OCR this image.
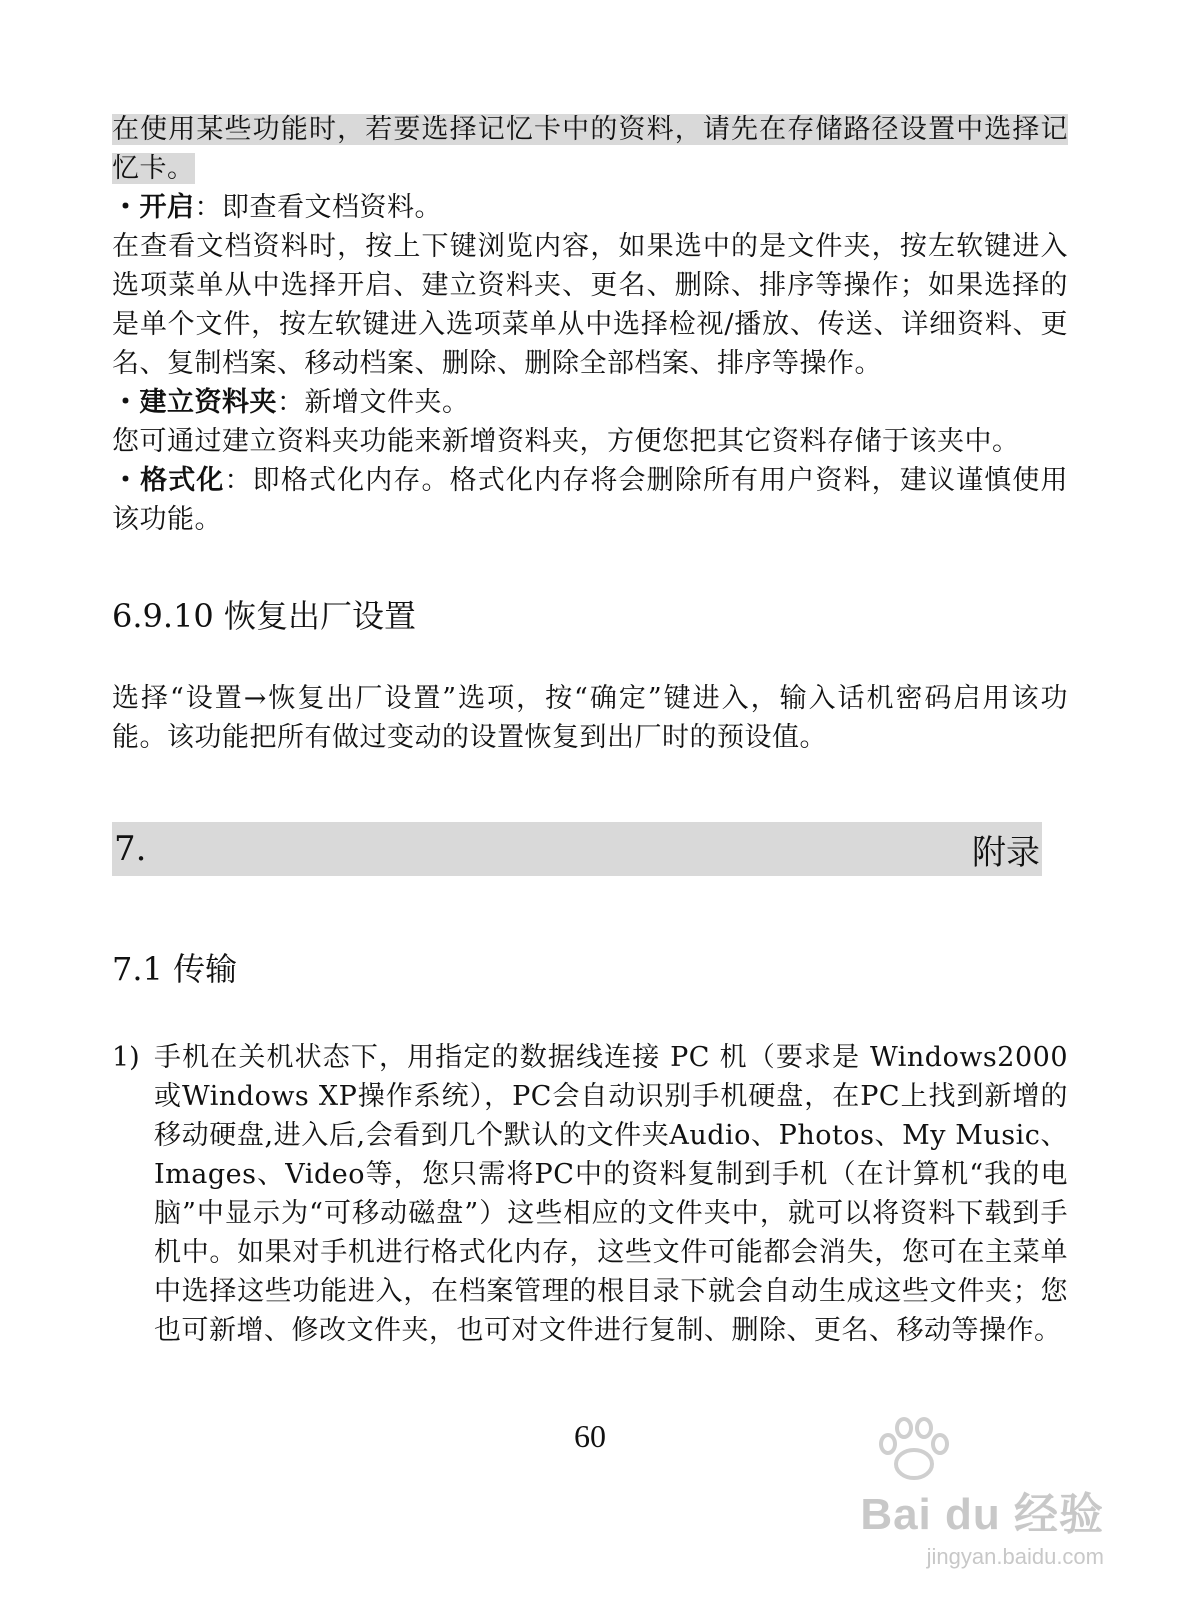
在使用某些功能时，若要选择记忆卡中的资料，请先在存储路径设置中选择记忆卡。

・开启：即查看文档资料。

在查看文档资料时，按上下键浏览内容，如果选中的是文件夹，按左软键进入选项菜单从中选择开启、建立资料夹、更名、删除、排序等操作；如果选择的是单个文件，按左软键进入选项菜单从中选择检视/播放、传送、详细资料、更名、复制档案、移动档案、删除、删除全部档案、排序等操作。

・建立资料夹：新增文件夹。

您可通过建立资料夹功能来新增资料夹，方便您把其它资料存储于该夹中。

・格式化：即格式化内存。格式化内存将会删除所有用户资料，建议谨慎使用该功能。

6.9.10 恢复出厂设置

选择“设置→恢复出厂设置”选项，按“确定”键进入，输入话机密码启用该功能。该功能把所有做过变动的设置恢复到出厂时的预设值。

7.	附录
7.1 传输
1) 手机在关机状态下，用指定的数据线连接 PC 机（要求是 Windows2000 或Windows XP操作系统），PC会自动识别手机硬盘，在PC上找到新增的移动硬盘,进入后,会看到几个默认的文件夹Audio、Photos、My Music、Images、Video等，您只需将PC中的资料复制到手机（在计算机“我的电脑”中显示为“可移动磁盘”）这些相应的文件夹中，就可以将资料下载到手机中。如果对手机进行格式化内存，这些文件可能都会消失，您可在主菜单中选择这些功能进入，在档案管理的根目录下就会自动生成这些文件夹；您也可新增、修改文件夹，也可对文件进行复制、删除、更名、移动等操作。

60
Bai du 经验
jingyan.baidu.com
